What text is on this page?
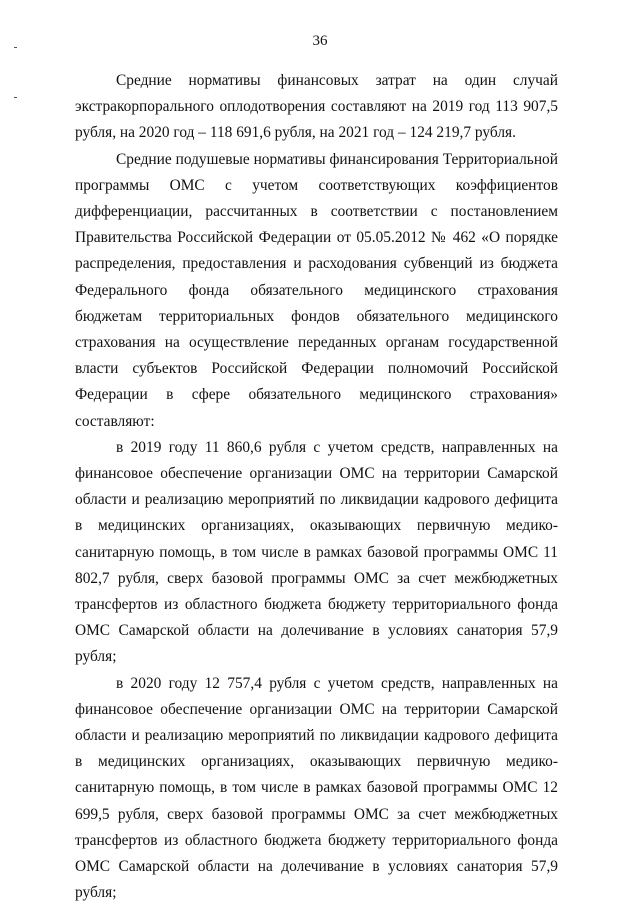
36

Средние нормативы финансовых затрат на один случай экстракорпорального оплодотворения составляют на 2019 год 113 907,5 рубля, на 2020 год – 118 691,6 рубля, на 2021 год – 124 219,7 рубля.

Средние подушевые нормативы финансирования Территориальной программы ОМС с учетом соответствующих коэффициентов дифференциации, рассчитанных в соответствии с постановлением Правительства Российской Федерации от 05.05.2012 № 462 «О порядке распределения, предоставления и расходования субвенций из бюджета Федерального фонда обязательного медицинского страхования бюджетам территориальных фондов обязательного медицинского страхования на осуществление переданных органам государственной власти субъектов Российской Федерации полномочий Российской Федерации в сфере обязательного медицинского страхования» составляют:

в 2019 году 11 860,6 рубля с учетом средств, направленных на финансовое обеспечение организации ОМС на территории Самарской области и реализацию мероприятий по ликвидации кадрового дефицита в медицинских организациях, оказывающих первичную медико-санитарную помощь, в том числе в рамках базовой программы ОМС 11 802,7 рубля, сверх базовой программы ОМС за счет межбюджетных трансфертов из областного бюджета бюджету территориального фонда ОМС Самарской области на долечивание в условиях санатория 57,9 рубля;

в 2020 году 12 757,4 рубля с учетом средств, направленных на финансовое обеспечение организации ОМС на территории Самарской области и реализацию мероприятий по ликвидации кадрового дефицита в медицинских организациях, оказывающих первичную медико-санитарную помощь, в том числе в рамках базовой программы ОМС 12 699,5 рубля, сверх базовой программы ОМС за счет межбюджетных трансфертов из областного бюджета бюджету территориального фонда ОМС Самарской области на долечивание в условиях санатория 57,9 рубля;
